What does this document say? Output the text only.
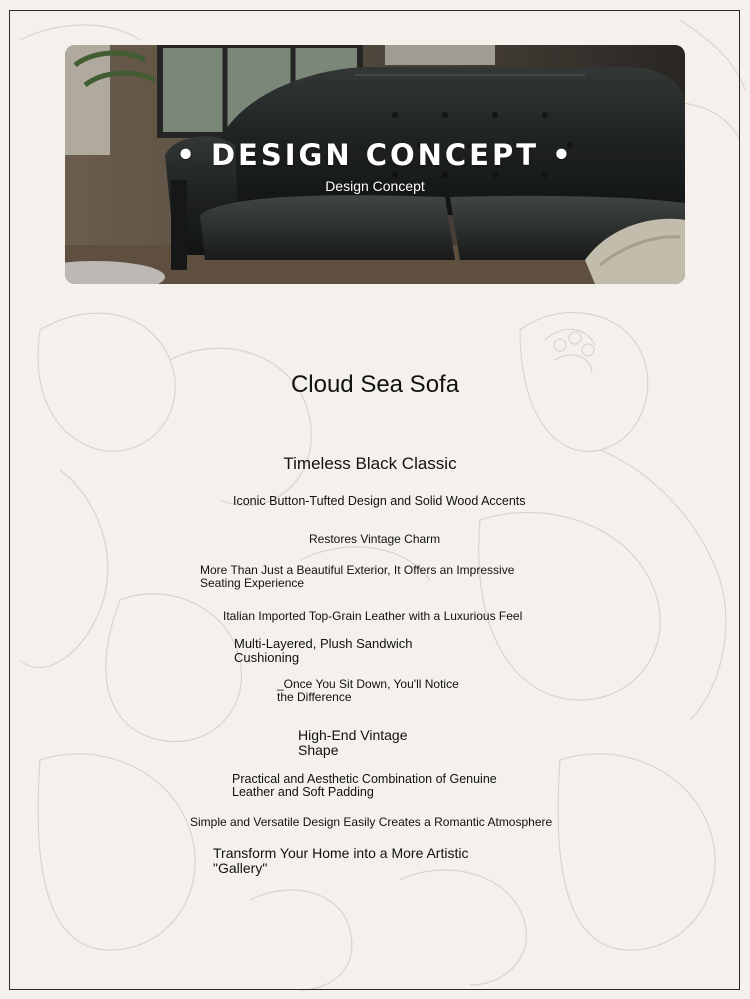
• DESIGN CONCEPT •
Design Concept
Cloud Sea Sofa
Timeless Black Classic
Iconic Button-Tufted Design and Solid Wood Accents
Restores Vintage Charm
More Than Just a Beautiful Exterior, It Offers an Impressive Seating Experience
Italian Imported Top-Grain Leather with a Luxurious Feel
Multi-Layered, Plush Sandwich Cushioning
_Once You Sit Down, You'll Notice the Difference
High-End Vintage Shape
Practical and Aesthetic Combination of Genuine Leather and Soft Padding
Simple and Versatile Design Easily Creates a Romantic Atmosphere
Transform Your Home into a More Artistic "Gallery"
